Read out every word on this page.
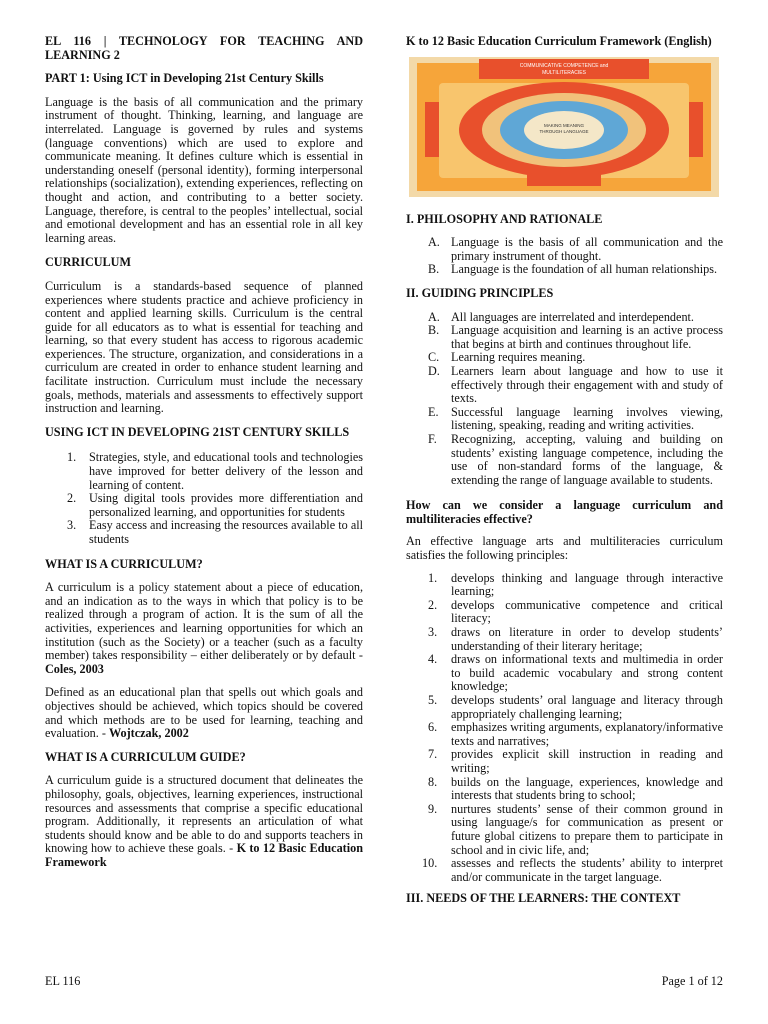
EL 116 | TECHNOLOGY FOR TEACHING AND LEARNING 2

PART 1: Using ICT in Developing 21st Century Skills

Language is the basis of all communication and the primary instrument of thought. Thinking, learning, and language are interrelated. Language is governed by rules and systems (language conventions) which are used to explore and communicate meaning. It defines culture which is essential in understanding oneself (personal identity), forming interpersonal relationships (socialization), extending experiences, reflecting on thought and action, and contributing to a better society. Language, therefore, is central to the peoples’ intellectual, social and emotional development and has an essential role in all key learning areas.

CURRICULUM

Curriculum is a standards-based sequence of planned experiences where students practice and achieve proficiency in content and applied learning skills. Curriculum is the central guide for all educators as to what is essential for teaching and learning, so that every student has access to rigorous academic experiences. The structure, organization, and considerations in a curriculum are created in order to enhance student learning and facilitate instruction. Curriculum must include the necessary goals, methods, materials and assessments to effectively support instruction and learning.

USING ICT IN DEVELOPING 21ST CENTURY SKILLS

1. Strategies, style, and educational tools and technologies have improved for better delivery of the lesson and learning of content.
2. Using digital tools provides more differentiation and personalized learning, and opportunities for students
3. Easy access and increasing the resources available to all students

WHAT IS A CURRICULUM?

A curriculum is a policy statement about a piece of education, and an indication as to the ways in which that policy is to be realized through a program of action. It is the sum of all the activities, experiences and learning opportunities for which an institution (such as the Society) or a teacher (such as a faculty member) takes responsibility – either deliberately or by default - Coles, 2003

Defined as an educational plan that spells out which goals and objectives should be achieved, which topics should be covered and which methods are to be used for learning, teaching and evaluation. - Wojtczak, 2002

WHAT IS A CURRICULUM GUIDE?

A curriculum guide is a structured document that delineates the philosophy, goals, objectives, learning experiences, instructional resources and assessments that comprise a specific educational program. Additionally, it represents an articulation of what students should know and be able to do and supports teachers in knowing how to achieve these goals. - K to 12 Basic Education Framework

K to 12 Basic Education Curriculum Framework (English)

COMMUNICATIVE COMPETENCE and
MULTILITERACIES
MAKING MEANING
THROUGH LANGUAGE

I. PHILOSOPHY AND RATIONALE

A. Language is the basis of all communication and the primary instrument of thought.
B. Language is the foundation of all human relationships.

II. GUIDING PRINCIPLES

A. All languages are interrelated and interdependent.
B. Language acquisition and learning is an active process that begins at birth and continues throughout life.
C. Learning requires meaning.
D. Learners learn about language and how to use it effectively through their engagement with and study of texts.
E. Successful language learning involves viewing, listening, speaking, reading and writing activities.
F. Recognizing, accepting, valuing and building on students’ existing language competence, including the use of non-standard forms of the language, & extending the range of language available to students.

How can we consider a language curriculum and multiliteracies effective?

An effective language arts and multiliteracies curriculum satisfies the following principles:

1. develops thinking and language through interactive learning;
2. develops communicative competence and critical literacy;
3. draws on literature in order to develop students’ understanding of their literary heritage;
4. draws on informational texts and multimedia in order to build academic vocabulary and strong content knowledge;
5. develops students’ oral language and literacy through appropriately challenging learning;
6. emphasizes writing arguments, explanatory/informative texts and narratives;
7. provides explicit skill instruction in reading and writing;
8. builds on the language, experiences, knowledge and interests that students bring to school;
9. nurtures students’ sense of their common ground in using language/s for communication as present or future global citizens to prepare them to participate in school and in civic life, and;
10. assesses and reflects the students’ ability to interpret and/or communicate in the target language.

III. NEEDS OF THE LEARNERS: THE CONTEXT

EL 116	Page 1 of 12
